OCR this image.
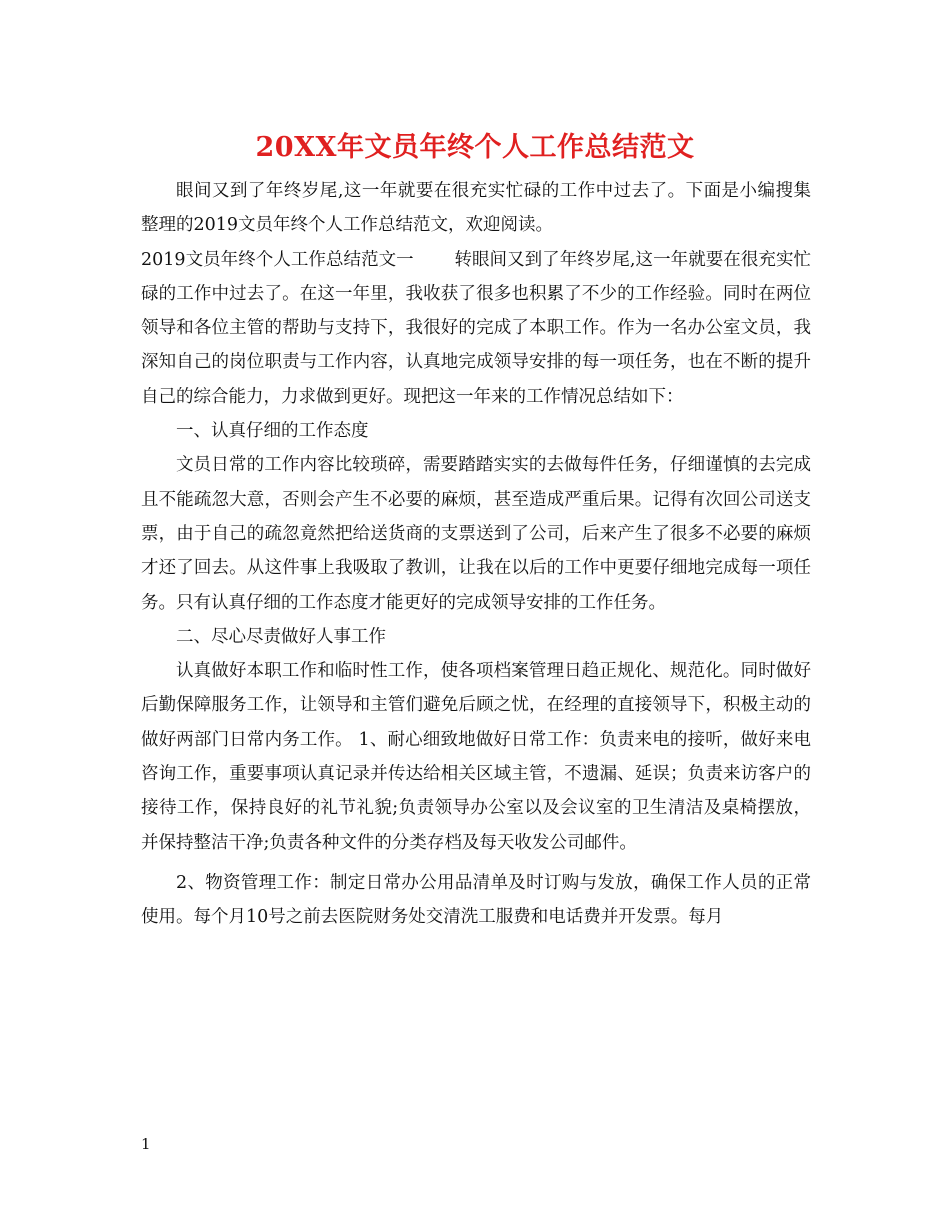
20XX年文员年终个人工作总结范文

眼间又到了年终岁尾,这一年就要在很充实忙碌的工作中过去了。下面是小编搜集整理的2019文员年终个人工作总结范文，欢迎阅读。

2019文员年终个人工作总结范文一　　 转眼间又到了年终岁尾,这一年就要在很充实忙碌的工作中过去了。在这一年里，我收获了很多也积累了不少的工作经验。同时在两位领导和各位主管的帮助与支持下，我很好的完成了本职工作。作为一名办公室文员，我深知自己的岗位职责与工作内容，认真地完成领导安排的每一项任务，也在不断的提升自己的综合能力，力求做到更好。现把这一年来的工作情况总结如下：

一、认真仔细的工作态度

文员日常的工作内容比较琐碎，需要踏踏实实的去做每件任务，仔细谨慎的去完成且不能疏忽大意，否则会产生不必要的麻烦，甚至造成严重后果。记得有次回公司送支票，由于自己的疏忽竟然把给送货商的支票送到了公司，后来产生了很多不必要的麻烦才还了回去。从这件事上我吸取了教训，让我在以后的工作中更要仔细地完成每一项任务。只有认真仔细的工作态度才能更好的完成领导安排的工作任务。

二、尽心尽责做好人事工作

认真做好本职工作和临时性工作，使各项档案管理日趋正规化、规范化。同时做好后勤保障服务工作，让领导和主管们避免后顾之忧，在经理的直接领导下，积极主动的做好两部门日常内务工作。 1、耐心细致地做好日常工作：负责来电的接听，做好来电咨询工作，重要事项认真记录并传达给相关区域主管，不遗漏、延误；负责来访客户的接待工作，保持良好的礼节礼貌;负责领导办公室以及会议室的卫生清洁及桌椅摆放，并保持整洁干净;负责各种文件的分类存档及每天收发公司邮件。

2、物资管理工作：制定日常办公用品清单及时订购与发放，确保工作人员的正常使用。每个月10号之前去医院财务处交清洗工服费和电话费并开发票。每月

1
